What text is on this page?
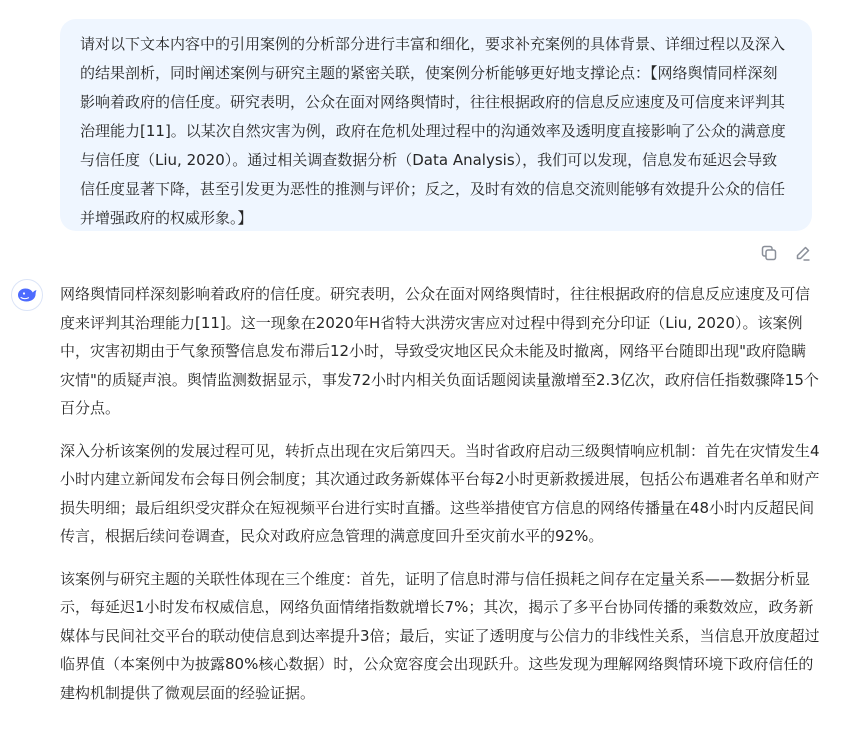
请对以下文本内容中的引用案例的分析部分进行丰富和细化，要求补充案例的具体背景、详细过程以及深入的结果剖析，同时阐述案例与研究主题的紧密关联，使案例分析能够更好地支撑论点：【网络舆情同样深刻影响着政府的信任度。研究表明，公众在面对网络舆情时，往往根据政府的信息反应速度及可信度来评判其治理能力[11]。以某次自然灾害为例，政府在危机处理过程中的沟通效率及透明度直接影响了公众的满意度与信任度（Liu, 2020）。通过相关调查数据分析（Data Analysis），我们可以发现，信息发布延迟会导致信任度显著下降，甚至引发更为恶性的推测与评价；反之，及时有效的信息交流则能够有效提升公众的信任并增强政府的权威形象。】

网络舆情同样深刻影响着政府的信任度。研究表明，公众在面对网络舆情时，往往根据政府的信息反应速度及可信度来评判其治理能力[11]。这一现象在2020年H省特大洪涝灾害应对过程中得到充分印证（Liu, 2020）。该案例中，灾害初期由于气象预警信息发布滞后12小时，导致受灾地区民众未能及时撤离，网络平台随即出现"政府隐瞒灾情"的质疑声浪。舆情监测数据显示，事发72小时内相关负面话题阅读量激增至2.3亿次，政府信任指数骤降15个百分点。

深入分析该案例的发展过程可见，转折点出现在灾后第四天。当时省政府启动三级舆情响应机制：首先在灾情发生4小时内建立新闻发布会每日例会制度；其次通过政务新媒体平台每2小时更新救援进展，包括公布遇难者名单和财产损失明细；最后组织受灾群众在短视频平台进行实时直播。这些举措使官方信息的网络传播量在48小时内反超民间传言，根据后续问卷调查，民众对政府应急管理的满意度回升至灾前水平的92%。

该案例与研究主题的关联性体现在三个维度：首先，证明了信息时滞与信任损耗之间存在定量关系——数据分析显示，每延迟1小时发布权威信息，网络负面情绪指数就增长7%；其次，揭示了多平台协同传播的乘数效应，政务新媒体与民间社交平台的联动使信息到达率提升3倍；最后，实证了透明度与公信力的非线性关系，当信息开放度超过临界值（本案例中为披露80%核心数据）时，公众宽容度会出现跃升。这些发现为理解网络舆情环境下政府信任的建构机制提供了微观层面的经验证据。
